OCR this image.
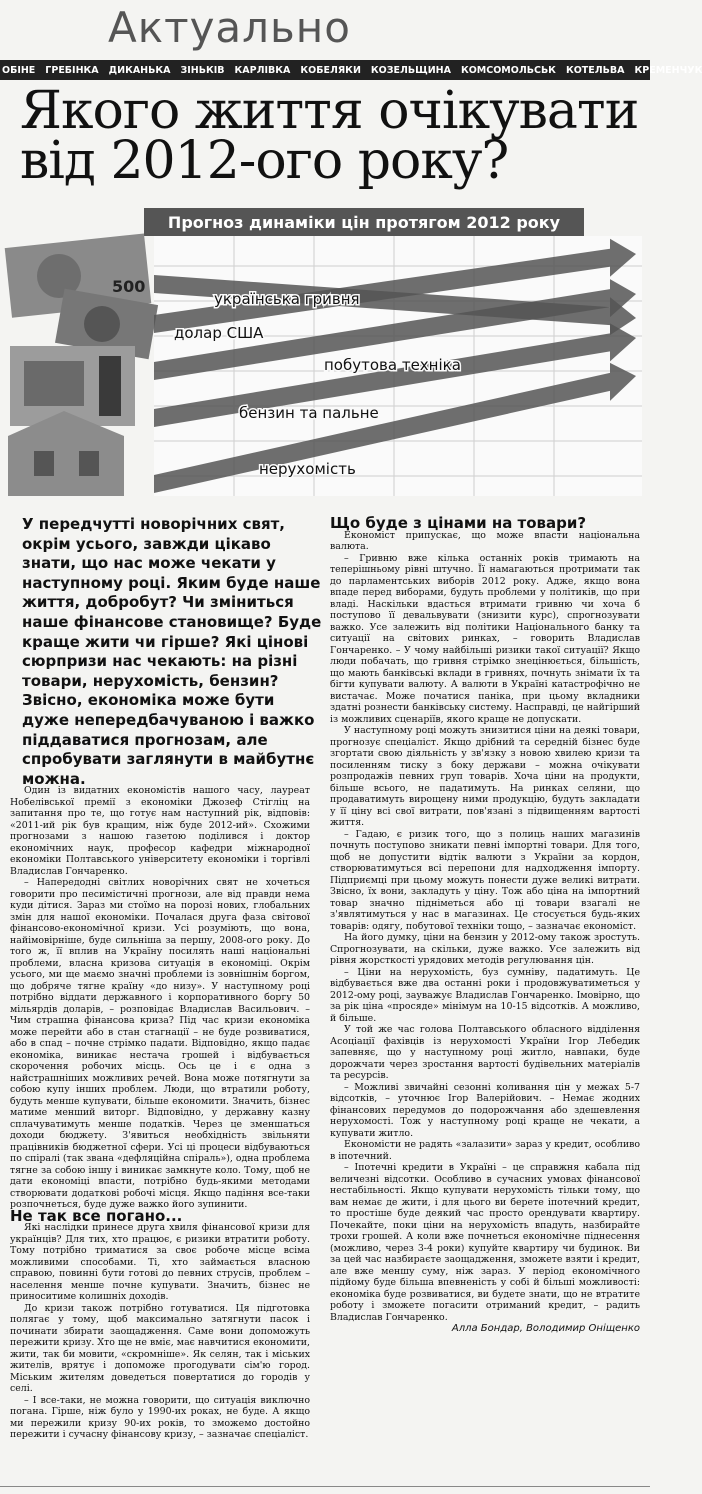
Актуально
ОБІНЕ ГРЕБІНКА ДИКАНЬКА ЗІНЬКІВ КАРЛІВКА КОБЕЛЯКИ КОЗЕЛЬЩИНА КОМСОМОЛЬСЬК КОТЕЛЬВА КРЕМЕНЧУК
Якого життя очікувати
від 2012-ого року?
Прогноз динаміки цін протягом 2012 року
500
українська гривня
долар США
побутова техніка
бензин та пальне
нерухомість
У передчутті новорічних свят, окрім усього, завжди цікаво знати, що нас може чекати у наступному році. Яким буде наше життя, добробут? Чи зміниться наше фінансове становище? Буде краще жити чи гірше? Які цінові сюрпризи нас чекають: на різні товари, нерухомість, бензин? Звісно, економіка може бути дуже непередбачуваною і важко піддаватися прогнозам, але спробувати заглянути в майбутнє можна.

Один із видатних економістів нашого часу, лауреат Нобелівської премії з економіки Джозеф Стігліц на запитання про те, що готує нам наступний рік, відповів: «2011-ий рік був кращим, ніж буде 2012-ий». Схожими прогнозами з нашою газетою поділився і доктор економічних наук, професор кафедри міжнародної економіки Полтавського університету економіки і торгівлі Владислав Гончаренко.

– Напередодні світлих новорічних свят не хочеться говорити про песимістичні прогнози, але від правди нема куди дітися. Зараз ми стоїмо на порозі нових, глобальних змін для нашої економіки. Почалася друга фаза світової фінансово-економічної кризи. Усі розуміють, що вона, найімовірніше, буде сильніша за першу, 2008-ого року. До того ж, її вплив на Україну посилять наші національні проблеми, власна кризова ситуація в економіці. Окрім усього, ми ще маємо значні проблеми із зовнішнім боргом, що добряче тягне країну «до низу». У наступному році потрібно віддати державного і корпоративного боргу 50 мільярдів доларів, – розповідає Владислав Васильович. – Чим страшна фінансова криза? Під час кризи економіка може перейти або в стан стагнації – не буде розвиватися, або в спад – почне стрімко падати. Відповідно, якщо падає економіка, виникає нестача грошей і відбувається скорочення робочих місць. Ось це і є одна з найстрашніших можливих речей. Вона може потягнути за собою купу інших проблем. Люди, що втратили роботу, будуть менше купувати, більше економити. Значить, бізнес матиме менший виторг. Відповідно, у державну казну сплачуватимуть менше податків. Через це зменшаться доходи бюджету. З'явиться необхідність звільняти працівників бюджетної сфери. Усі ці процеси відбуваються по спіралі (так звана «дефляційна спіраль»), одна проблема тягне за собою іншу і виникає замкнуте коло. Тому, щоб не дати економіці впасти, потрібно будь-якими методами створювати додаткові робочі місця. Якщо падіння все-таки розпочнеться, буде дуже важко його зупинити.

Не так все погано...

Які наслідки принесе друга хвиля фінансової кризи для українців? Для тих, хто працює, є ризики втратити роботу. Тому потрібно триматися за своє робоче місце всіма можливими способами. Ті, хто займається власною справою, повинні бути готові до певних струсів, проблем – населення менше почне купувати. Значить, бізнес не приноситиме колишніх доходів.

До кризи також потрібно готуватися. Ця підготовка полягає у тому, щоб максимально затягнути пасок і починати збирати заощадження. Саме вони допоможуть пережити кризу. Хто ще не вміє, має навчитися економити, жити, так би мовити, «скромніше». Як селян, так і міських жителів, врятує і допоможе прогодувати сім'ю город. Міським жителям доведеться повертатися до городів у селі.

– І все-таки, не можна говорити, що ситуація виключно погана. Гірше, ніж було у 1990-их роках, не буде. А якщо ми пережили кризу 90-их років, то зможемо достойно пережити і сучасну фінансову кризу, – зазначає спеціаліст.

Що буде з цінами на товари?

Економіст припускає, що може впасти національна валюта.

– Гривню вже кілька останніх років тримають на теперішньому рівні штучно. Її намагаються протримати так до парламентських виборів 2012 року. Адже, якщо вона впаде перед виборами, будуть проблеми у політиків, що при владі. Наскільки вдасться втримати гривню чи хоча б поступово її девальвувати (знизити курс), спрогнозувати важко. Усе залежить від політики Національного банку та ситуації на світових ринках, – говорить Владислав Гончаренко. – У чому найбільші ризики такої ситуації? Якщо люди побачать, що гривня стрімко знецінюється, більшість, що мають банківські вклади в гривнях, почнуть знімати їх та бігти купувати валюту. А валюти в Україні катастрофічно не вистачає. Може початися паніка, при цьому вкладники здатні рознести банківську систему. Насправді, це найгірший із можливих сценаріїв, якого краще не допускати.

У наступному році можуть знизитися ціни на деякі товари, прогнозує спеціаліст. Якщо дрібний та середній бізнес буде згортати свою діяльність у зв'язку з новою хвилею кризи та посиленням тиску з боку держави – можна очікувати розпродажів певних груп товарів. Хоча ціни на продукти, більше всього, не падатимуть. На ринках селяни, що продаватимуть вирощену ними продукцію, будуть закладати у її ціну всі свої витрати, пов'язані з підвищенням вартості життя.

– Гадаю, є ризик того, що з полиць наших магазинів почнуть поступово зникати певні імпортні товари. Для того, щоб не допустити відтік валюти з України за кордон, створюватимуться всі перепони для надходження імпорту. Підприємці при цьому можуть понести дуже великі витрати. Звісно, їх вони, закладуть у ціну. Тож або ціна на імпортний товар значно підніметься або ці товари взагалі не з'являтимуться у нас в магазинах. Це стосується будь-яких товарів: одягу, побутової техніки тощо, – зазначає економіст.

На його думку, ціни на бензин у 2012-ому також зростуть. Спрогнозувати, на скільки, дуже важко. Усе залежить від рівня жорсткості урядових методів регулювання цін.

– Ціни на нерухомість, буз сумніву, падатимуть. Це відбувається вже два останні роки і продовжуватиметься у 2012-ому році, зауважує Владислав Гончаренко. Імовірно, що за рік ціна «просяде» мінімум на 10-15 відсотків. А можливо, й більше.

У той же час голова Полтавського обласного відділення Асоціації фахівців із нерухомості України Ігор Лебедик запевняє, що у наступному році житло, навпаки, буде дорожчати через зростання вартості будівельних матеріалів та ресурсів.

– Можливі звичайні сезонні коливання цін у межах 5-7 відсотків, – уточнює Ігор Валерійович. – Немає жодних фінансових передумов до подорожчання або здешевлення нерухомості. Тож у наступному році краще не чекати, а купувати житло.

Економісти не радять «залазити» зараз у кредит, особливо в іпотечний.

– Іпотечні кредити в Україні – це справжня кабала під величезні відсотки. Особливо в сучасних умовах фінансової нестабільності. Якщо купувати нерухомість тільки тому, що вам немає де жити, і для цього ви берете іпотечний кредит, то простіше буде деякий час просто орендувати квартиру. Почекайте, поки ціни на нерухомість впадуть, назбирайте трохи грошей. А коли вже почнеться економічне піднесення (можливо, через 3-4 роки) купуйте квартиру чи будинок. Ви за цей час назбираєте заощадження, зможете взяти і кредит, але вже меншу суму, ніж зараз. У період економічного підйому буде більша впевненість у собі й більші можливості: економіка буде розвиватися, ви будете знати, що не втратите роботу і зможете погасити отриманий кредит, – радить Владислав Гончаренко.

Алла Бондар, Володимир Оніщенко
